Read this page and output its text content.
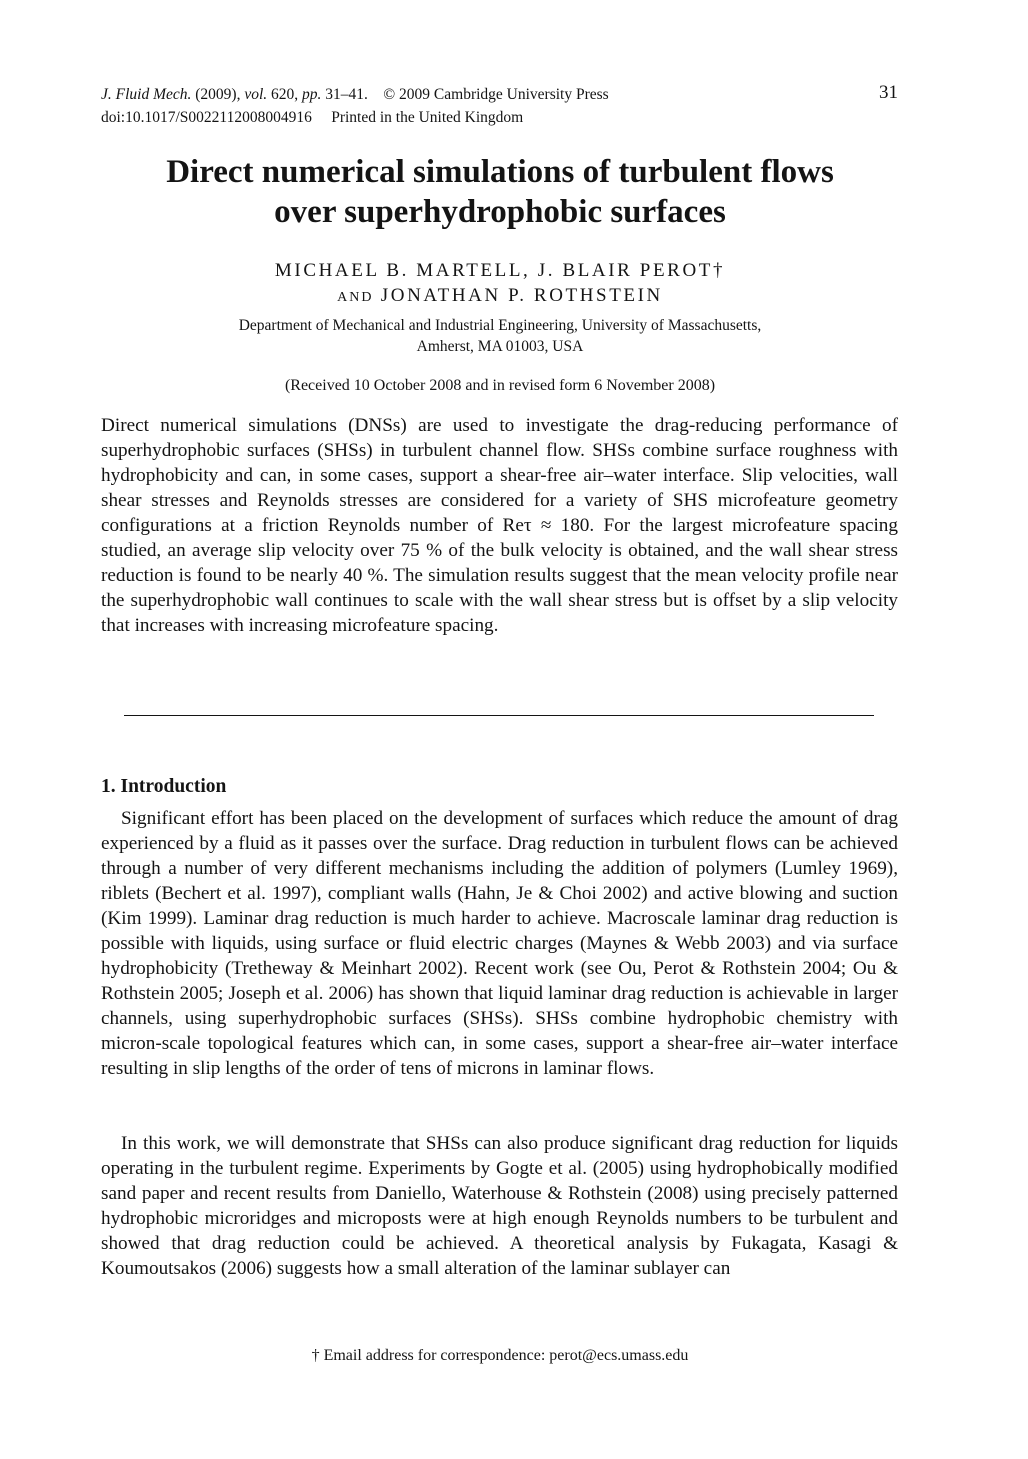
J. Fluid Mech. (2009), vol. 620, pp. 31–41. © 2009 Cambridge University Press
doi:10.1017/S0022112008004916 Printed in the United Kingdom
31
Direct numerical simulations of turbulent flows
over superhydrophobic surfaces
MICHAEL B. MARTELL, J. BLAIR PEROT†
AND JONATHAN P. ROTHSTEIN
Department of Mechanical and Industrial Engineering, University of Massachusetts,
Amherst, MA 01003, USA
(Received 10 October 2008 and in revised form 6 November 2008)
Direct numerical simulations (DNSs) are used to investigate the drag-reducing performance of superhydrophobic surfaces (SHSs) in turbulent channel flow. SHSs combine surface roughness with hydrophobicity and can, in some cases, support a shear-free air–water interface. Slip velocities, wall shear stresses and Reynolds stresses are considered for a variety of SHS microfeature geometry configurations at a friction Reynolds number of Reτ ≈ 180. For the largest microfeature spacing studied, an average slip velocity over 75 % of the bulk velocity is obtained, and the wall shear stress reduction is found to be nearly 40 %. The simulation results suggest that the mean velocity profile near the superhydrophobic wall continues to scale with the wall shear stress but is offset by a slip velocity that increases with increasing microfeature spacing.
1. Introduction
Significant effort has been placed on the development of surfaces which reduce the amount of drag experienced by a fluid as it passes over the surface. Drag reduction in turbulent flows can be achieved through a number of very different mechanisms including the addition of polymers (Lumley 1969), riblets (Bechert et al. 1997), compliant walls (Hahn, Je & Choi 2002) and active blowing and suction (Kim 1999). Laminar drag reduction is much harder to achieve. Macroscale laminar drag reduction is possible with liquids, using surface or fluid electric charges (Maynes & Webb 2003) and via surface hydrophobicity (Tretheway & Meinhart 2002). Recent work (see Ou, Perot & Rothstein 2004; Ou & Rothstein 2005; Joseph et al. 2006) has shown that liquid laminar drag reduction is achievable in larger channels, using superhydrophobic surfaces (SHSs). SHSs combine hydrophobic chemistry with micron-scale topological features which can, in some cases, support a shear-free air–water interface resulting in slip lengths of the order of tens of microns in laminar flows.
In this work, we will demonstrate that SHSs can also produce significant drag reduction for liquids operating in the turbulent regime. Experiments by Gogte et al. (2005) using hydrophobically modified sand paper and recent results from Daniello, Waterhouse & Rothstein (2008) using precisely patterned hydrophobic microridges and microposts were at high enough Reynolds numbers to be turbulent and showed that drag reduction could be achieved. A theoretical analysis by Fukagata, Kasagi & Koumoutsakos (2006) suggests how a small alteration of the laminar sublayer can
† Email address for correspondence: perot@ecs.umass.edu
